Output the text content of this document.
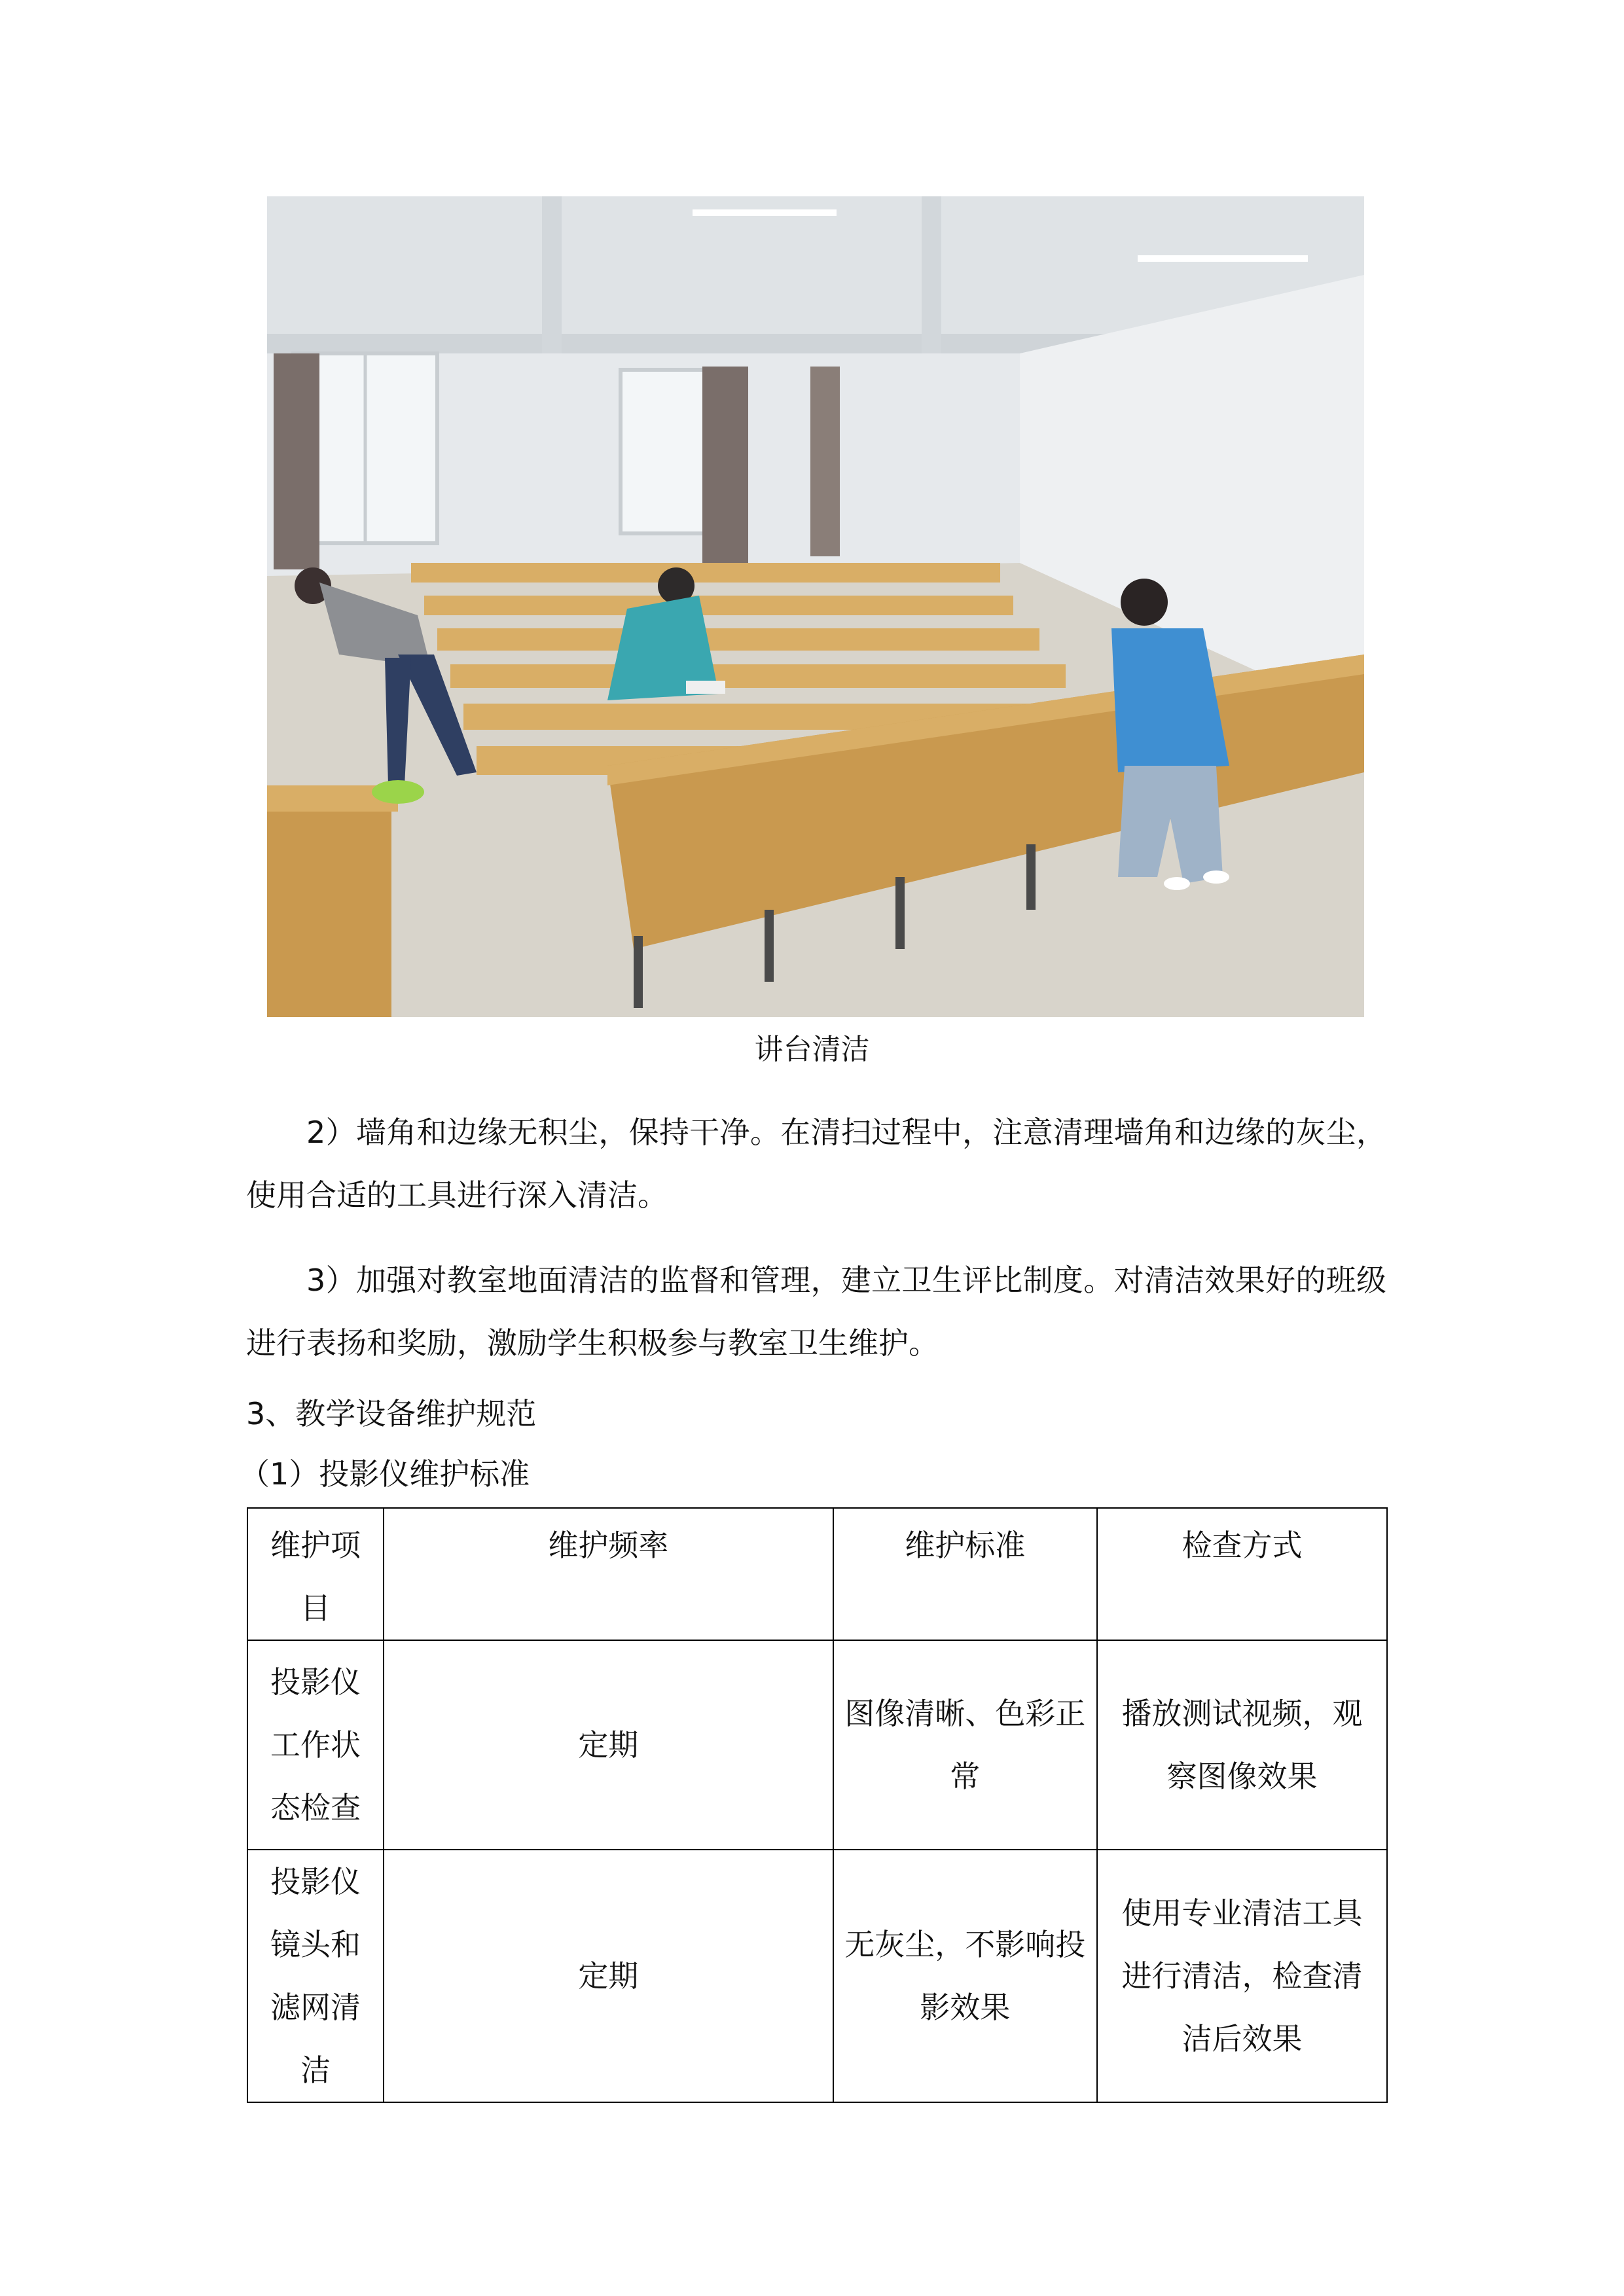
讲台清洁

2）墙角和边缘无积尘，保持干净。在清扫过程中，注意清理墙角和边缘的灰尘，使用合适的工具进行深入清洁。

3）加强对教室地面清洁的监督和管理，建立卫生评比制度。对清洁效果好的班级进行表扬和奖励，激励学生积极参与教室卫生维护。

3、教学设备维护规范

（1）投影仪维护标准

维护项目	维护频率	维护标准	检查方式
投影仪工作状态检查	定期	图像清晰、色彩正常	播放测试视频，观察图像效果
投影仪镜头和滤网清洁	定期	无灰尘，不影响投影效果	使用专业清洁工具进行清洁，检查清洁后效果
